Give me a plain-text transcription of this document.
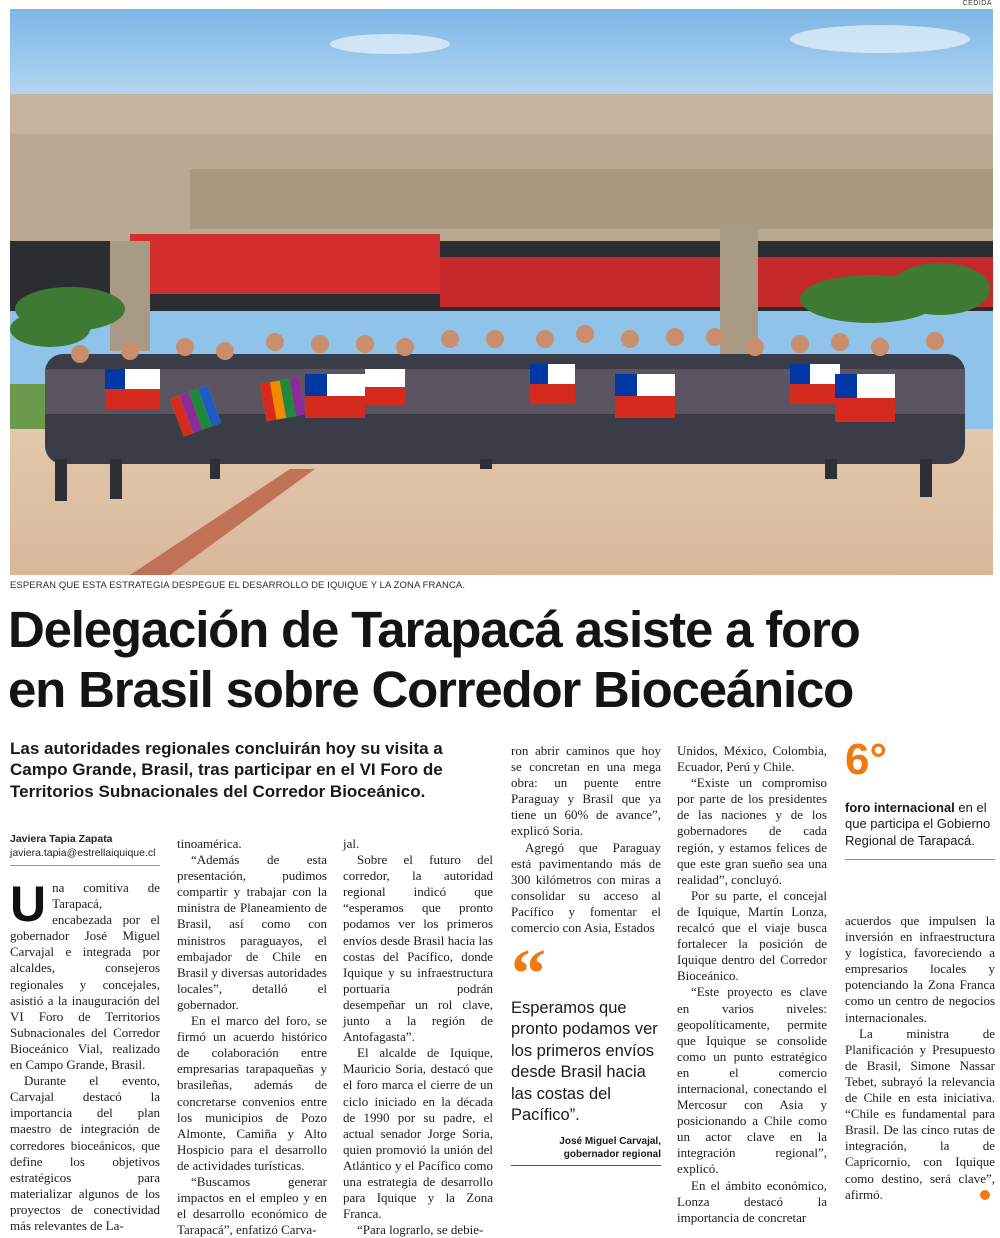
CEDIDA
ESPERAN QUE ESTA ESTRATEGIA DESPEGUE EL DESARROLLO DE IQUIQUE Y LA ZONA FRANCA.
Delegación de Tarapacá asiste a foro
en Brasil sobre Corredor Bioceánico

Las autoridades regionales concluirán hoy su visita a Campo Grande, Brasil, tras participar en el VI Foro de Territorios Subnacionales del Corredor Bioceánico.

Javiera Tapia Zapata
javiera.tapia@estrellaiquique.cl
U na comitiva de Tarapacá, encabezada por el gobernador José Miguel Carvajal e integrada por alcaldes, consejeros regionales y concejales, asistió a la inauguración del VI Foro de Territorios Subnacionales del Corredor Bioceánico Vial, realizado en Campo Grande, Brasil.

Durante el evento, Carvajal destacó la importancia del plan maestro de integración de corredores bioceánicos, que define los objetivos estratégicos para materializar algunos de los proyectos de conectividad más relevantes de La-

tinoamérica.

“Además de esta presentación, pudimos compartir y trabajar con la ministra de Planeamiento de Brasil, así como con ministros paraguayos, el embajador de Chile en Brasil y diversas autoridades locales”, detalló el gobernador.

En el marco del foro, se firmó un acuerdo histórico de colaboración entre empresarias tarapaqueñas y brasileñas, además de concretarse convenios entre los municipios de Pozo Almonte, Camiña y Alto Hospicio para el desarrollo de actividades turísticas.

“Buscamos generar impactos en el empleo y en el desarrollo económico de Tarapacá”, enfatizó Carva-

jal.

Sobre el futuro del corredor, la autoridad regional indicó que “esperamos que pronto podamos ver los primeros envíos desde Brasil hacia las costas del Pacífico, donde Iquique y su infraestructura portuaria podrán desempeñar un rol clave, junto a la región de Antofagasta”.

El alcalde de Iquique, Mauricio Soria, destacó que el foro marca el cierre de un ciclo iniciado en la década de 1990 por su padre, el actual senador Jorge Soria, quien promovió la unión del Atlántico y el Pacífico como una estrategia de desarrollo para Iquique y la Zona Franca.

“Para lograrlo, se debie-

ron abrir caminos que hoy se concretan en una mega obra: un puente entre Paraguay y Brasil que ya tiene un 60% de avance”, explicó Soria.

Agregó que Paraguay está pavimentando más de 300 kilómetros con miras a consolidar su acceso al Pacífico y fomentar el comercio con Asia, Estados

“
Esperamos que pronto podamos ver los primeros envíos desde Brasil hacia las costas del Pacífico”.
José Miguel Carvajal,
gobernador regional

Unidos, México, Colombia, Ecuador, Perú y Chile.

“Existe un compromiso por parte de los presidentes de las naciones y de los gobernadores de cada región, y estamos felices de que este gran sueño sea una realidad”, concluyó.

Por su parte, el concejal de Iquique, Martín Lonza, recalcó que el viaje busca fortalecer la posición de Iquique dentro del Corredor Bioceánico.

“Este proyecto es clave en varios niveles: geopolíticamente, permite que Iquique se consolide como un punto estratégico en el comercio internacional, conectando el Mercosur con Asia y posicionando a Chile como un actor clave en la integración regional”, explicó.

En el ámbito económico, Lonza destacó la importancia de concretar

6°
foro internacional en el que participa el Gobierno Regional de Tarapacá.

acuerdos que impulsen la inversión en infraestructura y logística, favoreciendo a empresarios locales y potenciando la Zona Franca como un centro de negocios internacionales.

La ministra de Planificación y Presupuesto de Brasil, Simone Nassar Tebet, subrayó la relevancia de Chile en esta iniciativa. “Chile es fundamental para Brasil. De las cinco rutas de integración, la de Capricornio, con Iquique como destino, será clave”, afirmó.
